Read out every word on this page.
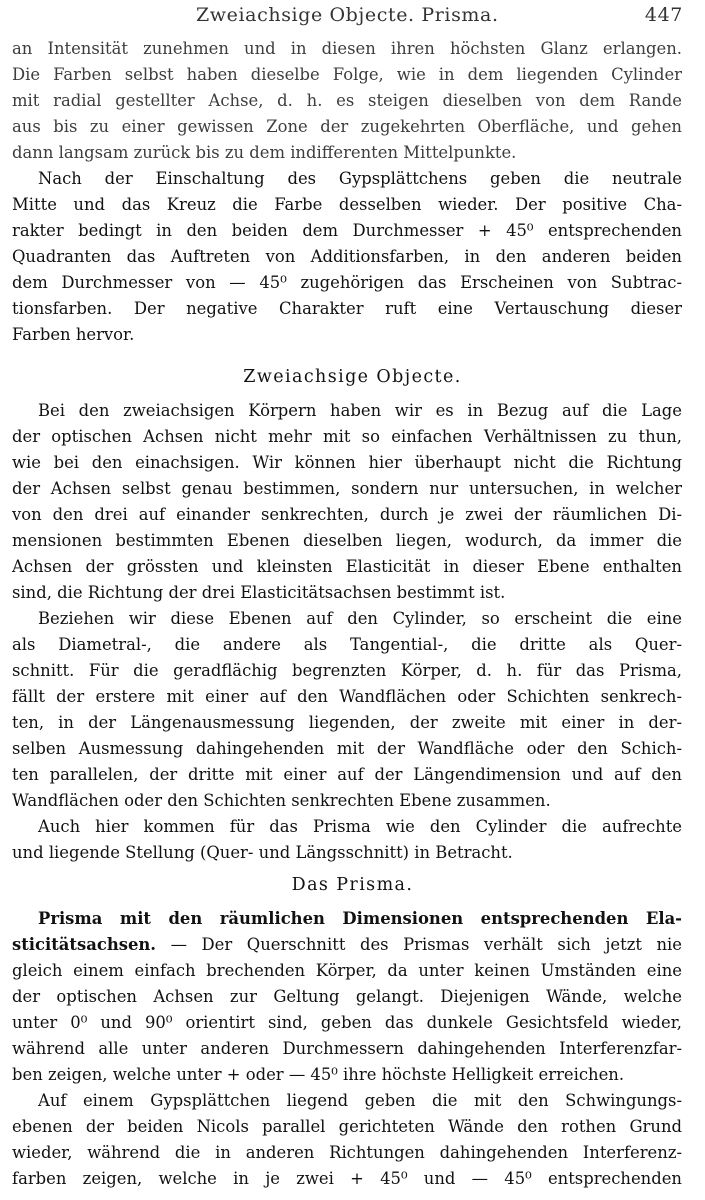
Zweiachsige Objecte. Prisma.	447
an Intensität zunehmen und in diesen ihren höchsten Glanz erlangen.
Die Farben selbst haben dieselbe Folge, wie in dem liegenden Cylinder
mit radial gestellter Achse, d. h. es steigen dieselben von dem Rande
aus bis zu einer gewissen Zone der zugekehrten Oberfläche, und gehen
dann langsam zurück bis zu dem indifferenten Mittelpunkte.
Nach der Einschaltung des Gypsplättchens geben die neutrale
Mitte und das Kreuz die Farbe desselben wieder. Der positive Cha-
rakter bedingt in den beiden dem Durchmesser + 45⁰ entsprechenden
Quadranten das Auftreten von Additionsfarben, in den anderen beiden
dem Durchmesser von — 45⁰ zugehörigen das Erscheinen von Subtrac-
tionsfarben. Der negative Charakter ruft eine Vertauschung dieser
Farben hervor.
Zweiachsige Objecte.
Bei den zweiachsigen Körpern haben wir es in Bezug auf die Lage
der optischen Achsen nicht mehr mit so einfachen Verhältnissen zu thun,
wie bei den einachsigen. Wir können hier überhaupt nicht die Richtung
der Achsen selbst genau bestimmen, sondern nur untersuchen, in welcher
von den drei auf einander senkrechten, durch je zwei der räumlichen Di-
mensionen bestimmten Ebenen dieselben liegen, wodurch, da immer die
Achsen der grössten und kleinsten Elasticität in dieser Ebene enthalten
sind, die Richtung der drei Elasticitätsachsen bestimmt ist.
Beziehen wir diese Ebenen auf den Cylinder, so erscheint die eine
als Diametral-, die andere als Tangential-, die dritte als Quer-
schnitt. Für die geradflächig begrenzten Körper, d. h. für das Prisma,
fällt der erstere mit einer auf den Wandflächen oder Schichten senkrech-
ten, in der Längenausmessung liegenden, der zweite mit einer in der-
selben Ausmessung dahingehenden mit der Wandfläche oder den Schich-
ten parallelen, der dritte mit einer auf der Längendimension und auf den
Wandflächen oder den Schichten senkrechten Ebene zusammen.
Auch hier kommen für das Prisma wie den Cylinder die aufrechte
und liegende Stellung (Quer- und Längsschnitt) in Betracht.
Das Prisma.
Prisma mit den räumlichen Dimensionen entsprechenden Ela-
sticitätsachsen. — Der Querschnitt des Prismas verhält sich jetzt nie
gleich einem einfach brechenden Körper, da unter keinen Umständen eine
der optischen Achsen zur Geltung gelangt. Diejenigen Wände, welche
unter 0⁰ und 90⁰ orientirt sind, geben das dunkele Gesichtsfeld wieder,
während alle unter anderen Durchmessern dahingehenden Interferenzfar-
ben zeigen, welche unter + oder — 45⁰ ihre höchste Helligkeit erreichen.
Auf einem Gypsplättchen liegend geben die mit den Schwingungs-
ebenen der beiden Nicols parallel gerichteten Wände den rothen Grund
wieder, während die in anderen Richtungen dahingehenden Interferenz-
farben zeigen, welche in je zwei + 45⁰ und — 45⁰ entsprechenden
